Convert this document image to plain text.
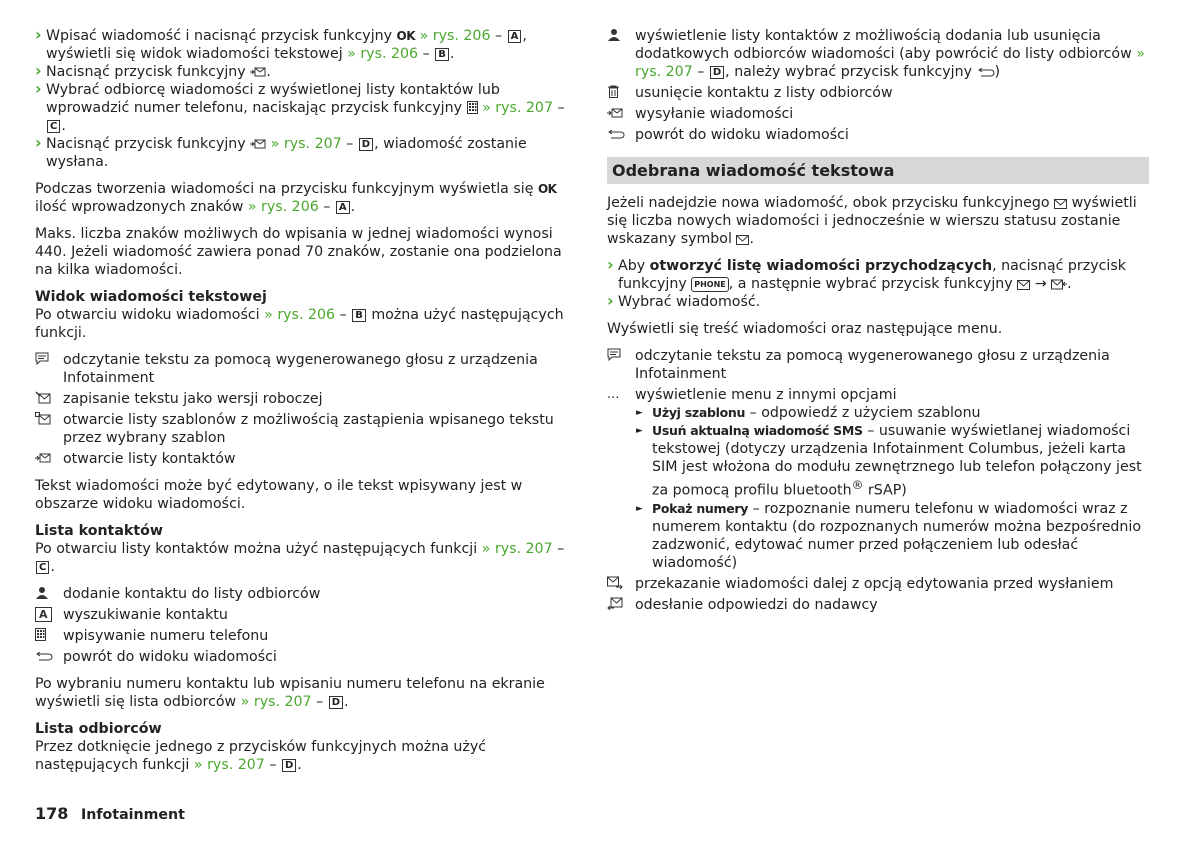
› Wpisać wiadomość i nacisnąć przycisk funkcyjny OK » rys. 206 – A , wyświetli się widok wiadomości tekstowej » rys. 206 – B .

› Nacisnąć przycisk funkcyjny .

› Wybrać odbiorcę wiadomości z wyświetlonej listy kontaktów lub wprowadzić numer telefonu, naciskając przycisk funkcyjny » rys. 207 – C .

› Nacisnąć przycisk funkcyjny » rys. 207 – D , wiadomość zostanie wysłana.

Podczas tworzenia wiadomości na przycisku funkcyjnym wyświetla się OK ilość wprowadzonych znaków » rys. 206 – A .

Maks. liczba znaków możliwych do wpisania w jednej wiadomości wynosi 440. Jeżeli wiadomość zawiera ponad 70 znaków, zostanie ona podzielona na kilka wiadomości.

Widok wiadomości tekstowej

Po otwarciu widoku wiadomości » rys. 206 – B można użyć następujących funkcji.

odczytanie tekstu za pomocą wygenerowanego głosu z urządzenia Infotainment
zapisanie tekstu jako wersji roboczej
otwarcie listy szablonów z możliwością zastąpienia wpisanego tekstu przez wybrany szablon
otwarcie listy kontaktów

Tekst wiadomości może być edytowany, o ile tekst wpisywany jest w obszarze widoku wiadomości.

Lista kontaktów

Po otwarciu listy kontaktów można użyć następujących funkcji » rys. 207 – C .

dodanie kontaktu do listy odbiorców
A	wyszukiwanie kontaktu
wpisywanie numeru telefonu
powrót do widoku wiadomości

Po wybraniu numeru kontaktu lub wpisaniu numeru telefonu na ekranie wyświetli się lista odbiorców » rys. 207 – D .

Lista odbiorców

Przez dotknięcie jednego z przycisków funkcyjnych można użyć następujących funkcji » rys. 207 – D .

wyświetlenie listy kontaktów z możliwością dodania lub usunięcia dodatkowych odbiorców wiadomości (aby powrócić do listy odbiorców » rys. 207 – D , należy wybrać przycisk funkcyjny )
usunięcie kontaktu z listy odbiorców
wysyłanie wiadomości
powrót do widoku wiadomości
Odebrana wiadomość tekstowa

Jeżeli nadejdzie nowa wiadomość, obok przycisku funkcyjnego wyświetli się liczba nowych wiadomości i jednocześnie w wierszu statusu zostanie wskazany symbol .

› Aby otworzyć listę wiadomości przychodzących, nacisnąć przycisk funkcyjny PHONE , a następnie wybrać przycisk funkcyjny → .

› Wybrać wiadomość.

Wyświetli się treść wiadomości oraz następujące menu.

odczytanie tekstu za pomocą wygenerowanego głosu z urządzenia Infotainment
...	wyświetlenie menu z innymi opcjami
► Użyj szablonu – odpowiedź z użyciem szablonu
► Usuń aktualną wiadomość SMS – usuwanie wyświetlanej wiadomości tekstowej (dotyczy urządzenia Infotainment Columbus, jeżeli karta SIM jest włożona do modułu zewnętrznego lub telefon połączony jest za pomocą profilu bluetooth® rSAP)
► Pokaż numery – rozpoznanie numeru telefonu w wiadomości wraz z numerem kontaktu (do rozpoznanych numerów można bezpośrednio zadzwonić, edytować numer przed połączeniem lub odesłać wiadomość)
przekazanie wiadomości dalej z opcją edytowania przed wysłaniem
odesłanie odpowiedzi do nadawcy
178 Infotainment
